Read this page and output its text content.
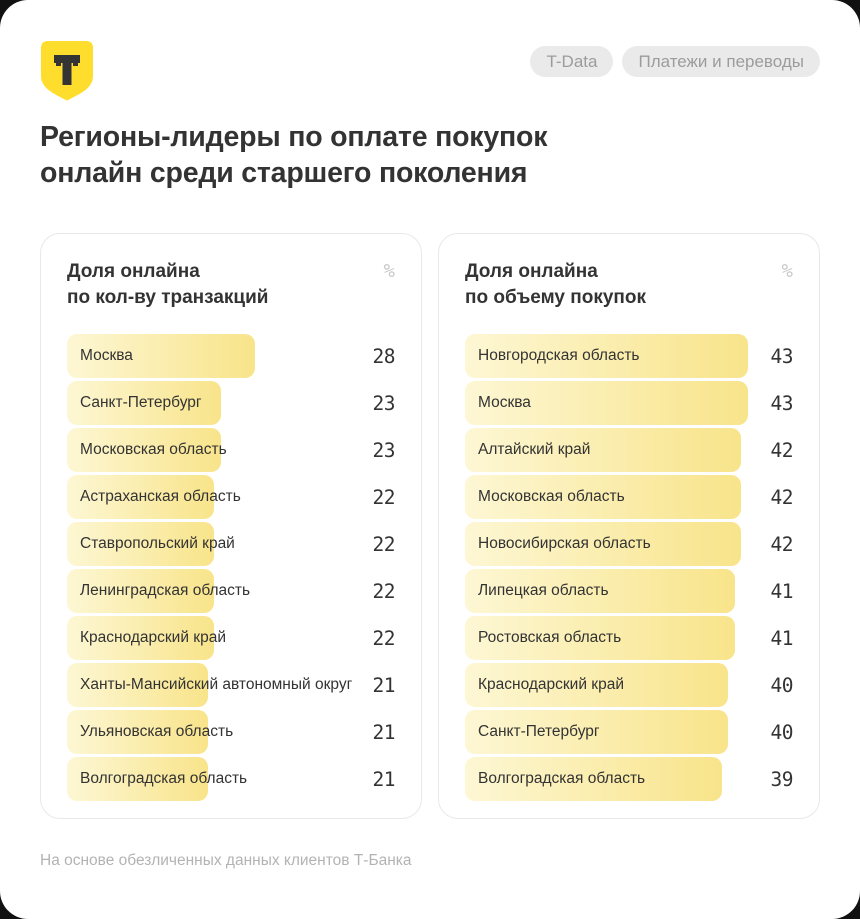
T-Data	Платежи и переводы
Регионы-лидеры по оплате покупок
онлайн среди старшего поколения
Доля онлайна
по кол-ву транзакций
%
Москва	28
Санкт-Петербург	23
Московская область	23
Астраханская область	22
Ставропольский край	22
Ленинградская область	22
Краснодарский край	22
Ханты-Мансийский автономный округ 21
Ульяновская область	21
Волгоградская область	21
Доля онлайна
по объему покупок
%
Новгородская область	43
Москва	43
Алтайский край	42
Московская область	42
Новосибирская область	42
Липецкая область	41
Ростовская область	41
Краснодарский край	40
Санкт-Петербург	40
Волгоградская область	39
На основе обезличенных данных клиентов Т-Банка
